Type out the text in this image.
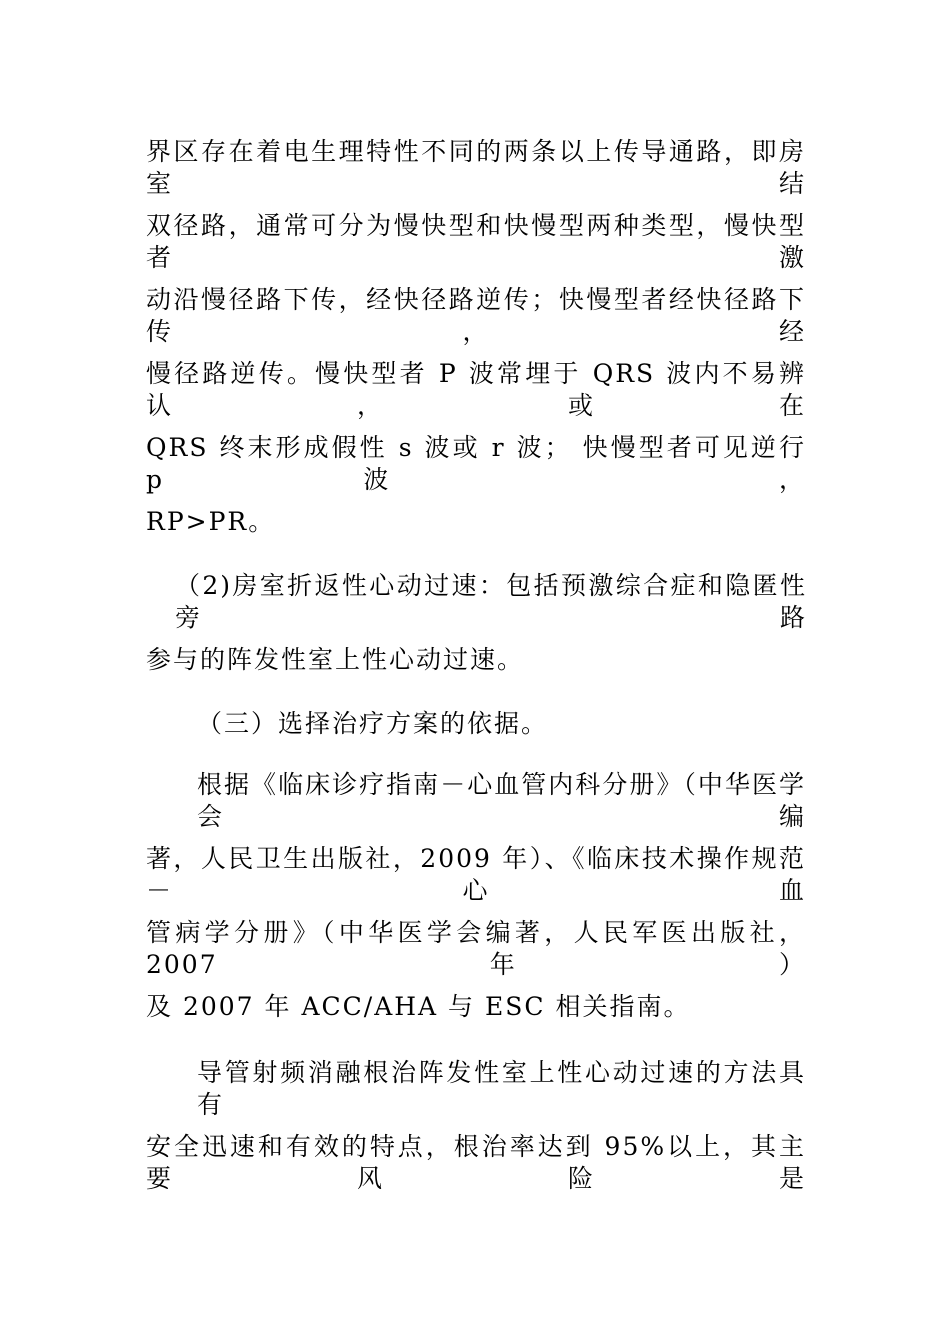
界区存在着电生理特性不同的两条以上传导通路，即房室结
双径路，通常可分为慢快型和快慢型两种类型，慢快型者激
动沿慢径路下传，经快径路逆传；快慢型者经快径路下传，经
慢径路逆传。慢快型者 P 波常埋于 QRS 波内不易辨认，或在
QRS 终末形成假性 s 波或 r 波； 快慢型者可见逆行 p 波 ，
RP>PR。
（2)房室折返性心动过速：包括预激综合症和隐匿性旁路
参与的阵发性室上性心动过速。
（三）选择治疗方案的依据。
根据《临床诊疗指南－心血管内科分册》（中华医学会编
著，人民卫生出版社，2009 年）、《临床技术操作规范－心血
管病学分册》（中华医学会编著，人民军医出版社，2007 年）
及 2007 年 ACC/AHA 与 ESC 相关指南。
导管射频消融根治阵发性室上性心动过速的方法具有
安全迅速和有效的特点，根治率达到 95%以上，其主要风险是
